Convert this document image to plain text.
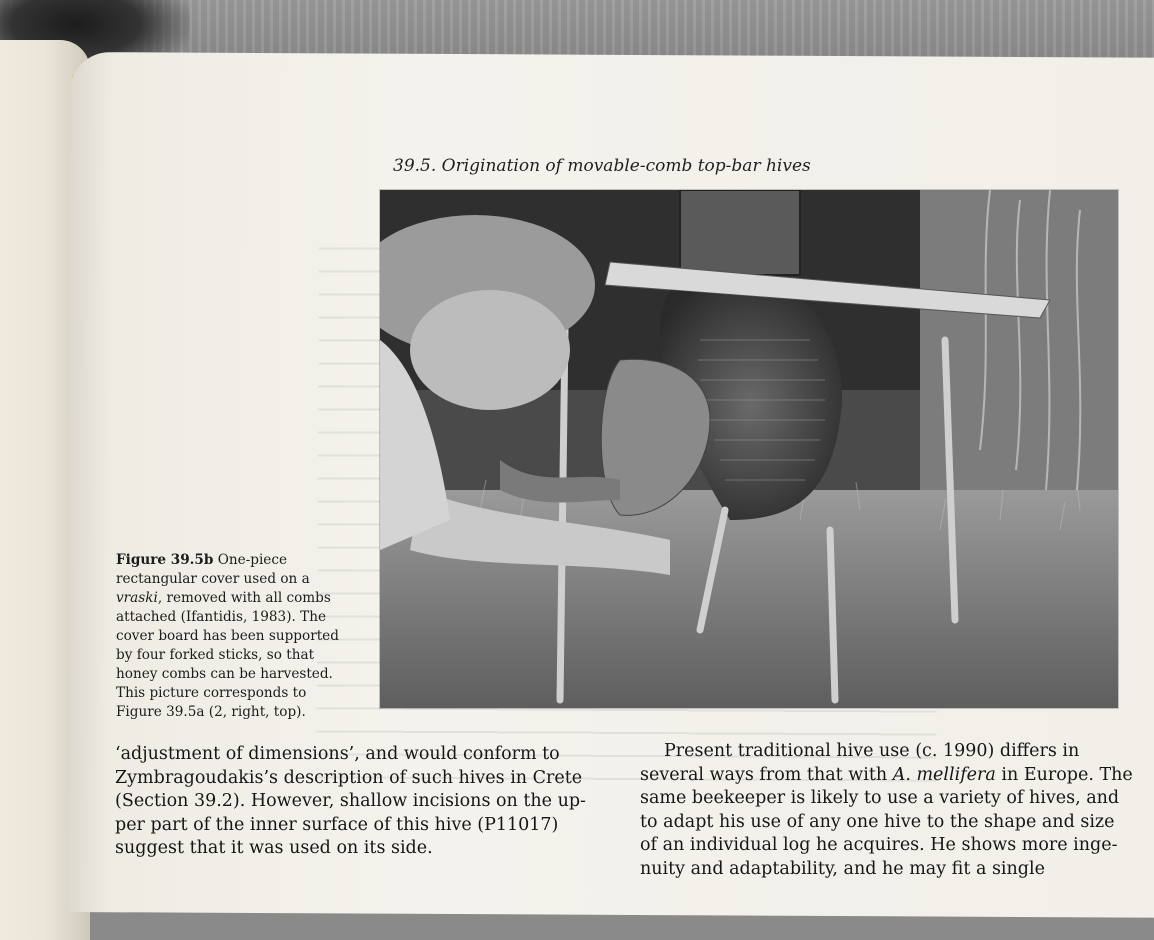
39.5. Origination of movable-comb top-bar hives
Figure 39.5b One-piece
rectangular cover used on a
vraski, removed with all combs
attached (Ifantidis, 1983). The
cover board has been supported
by four forked sticks, so that
honey combs can be harvested.
This picture corresponds to
Figure 39.5a (2, right, top).
‘adjustment of dimensions’, and would conform to
Zymbragoudakis’s description of such hives in Crete
(Section 39.2). However, shallow incisions on the up-
per part of the inner surface of this hive (P11017)
suggest that it was used on its side.
Present traditional hive use (c. 1990) differs in
several ways from that with A. mellifera in Europe. The
same beekeeper is likely to use a variety of hives, and
to adapt his use of any one hive to the shape and size
of an individual log he acquires. He shows more inge-
nuity and adaptability, and he may fit a single
